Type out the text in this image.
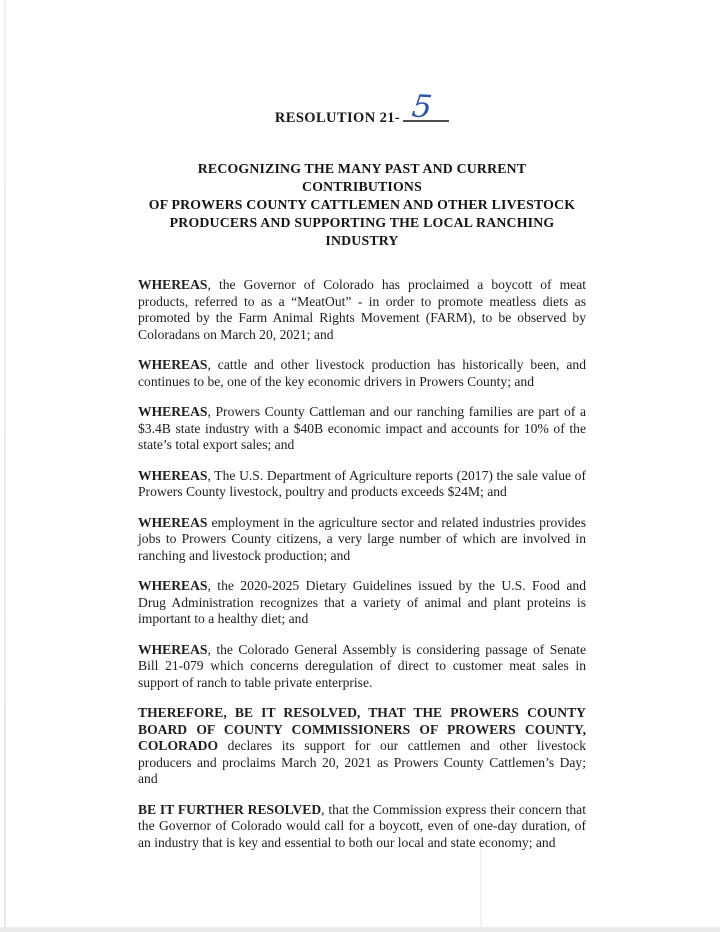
RESOLUTION 21- 5
RECOGNIZING THE MANY PAST AND CURRENT CONTRIBUTIONS
OF PROWERS COUNTY CATTLEMEN AND OTHER LIVESTOCK
PRODUCERS AND SUPPORTING THE LOCAL RANCHING INDUSTRY

WHEREAS, the Governor of Colorado has proclaimed a boycott of meat products, referred to as a “MeatOut” - in order to promote meatless diets as promoted by the Farm Animal Rights Movement (FARM), to be observed by Coloradans on March 20, 2021; and

WHEREAS, cattle and other livestock production has historically been, and continues to be, one of the key economic drivers in Prowers County; and

WHEREAS, Prowers County Cattleman and our ranching families are part of a $3.4B state industry with a $40B economic impact and accounts for 10% of the state’s total export sales; and

WHEREAS, The U.S. Department of Agriculture reports (2017) the sale value of Prowers County livestock, poultry and products exceeds $24M; and

WHEREAS employment in the agriculture sector and related industries provides jobs to Prowers County citizens, a very large number of which are involved in ranching and livestock production; and

WHEREAS, the 2020-2025 Dietary Guidelines issued by the U.S. Food and Drug Administration recognizes that a variety of animal and plant proteins is important to a healthy diet; and

WHEREAS, the Colorado General Assembly is considering passage of Senate Bill 21-079 which concerns deregulation of direct to customer meat sales in support of ranch to table private enterprise.

THEREFORE, BE IT RESOLVED, THAT THE PROWERS COUNTY BOARD OF COUNTY COMMISSIONERS OF PROWERS COUNTY, COLORADO declares its support for our cattlemen and other livestock producers and proclaims March 20, 2021 as Prowers County Cattlemen’s Day; and

BE IT FURTHER RESOLVED, that the Commission express their concern that the Governor of Colorado would call for a boycott, even of one-day duration, of an industry that is key and essential to both our local and state economy; and
